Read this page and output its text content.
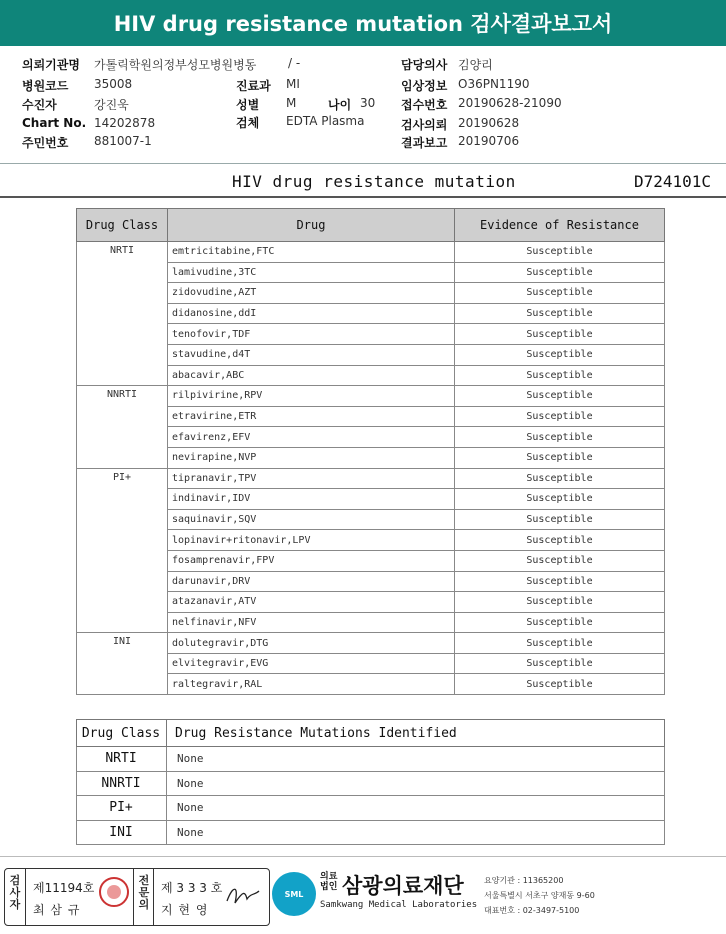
HIV drug resistance mutation 검사결과보고서
의뢰기관명 가톨릭학원의정부성모병원병동	/ -
병원코드 35008
수진자	강진욱
Chart No. 14202878
주민번호 881007-1
진료과 MI
성별 M	나이 30
검체 EDTA Plasma
담당의사 김양리
임상정보 O36PN1190
접수번호 20190628-21090
검사의뢰 20190628
결과보고 20190706
HIV drug resistance mutation	D724101C
Drug Class	Drug	Evidence of Resistance
NRTI	emtricitabine,FTC	Susceptible
	lamivudine,3TC	Susceptible
	zidovudine,AZT	Susceptible
	didanosine,ddI	Susceptible
	tenofovir,TDF	Susceptible
	stavudine,d4T	Susceptible
	abacavir,ABC	Susceptible
NNRTI	rilpivirine,RPV	Susceptible
	etravirine,ETR	Susceptible
	efavirenz,EFV	Susceptible
	nevirapine,NVP	Susceptible
PI+	tipranavir,TPV	Susceptible
	indinavir,IDV	Susceptible
	saquinavir,SQV	Susceptible
	lopinavir+ritonavir,LPV	Susceptible
	fosamprenavir,FPV	Susceptible
	darunavir,DRV	Susceptible
	atazanavir,ATV	Susceptible
	nelfinavir,NFV	Susceptible
INI	dolutegravir,DTG	Susceptible
	elvitegravir,EVG	Susceptible
	raltegravir,RAL	Susceptible
Drug Class	Drug Resistance Mutations Identified
NRTI	None
NNRTI	None
PI+	None
INI	None
검사자
제11194호
최 삼 규
전문의
제 3 3 3 호
지 현 영
SML
의료법인 삼광의료재단
Samkwang Medical Laboratories
요양기관 : 11365200
서울특별시 서초구 양재동 9-60
대표번호 : 02-3497-5100
